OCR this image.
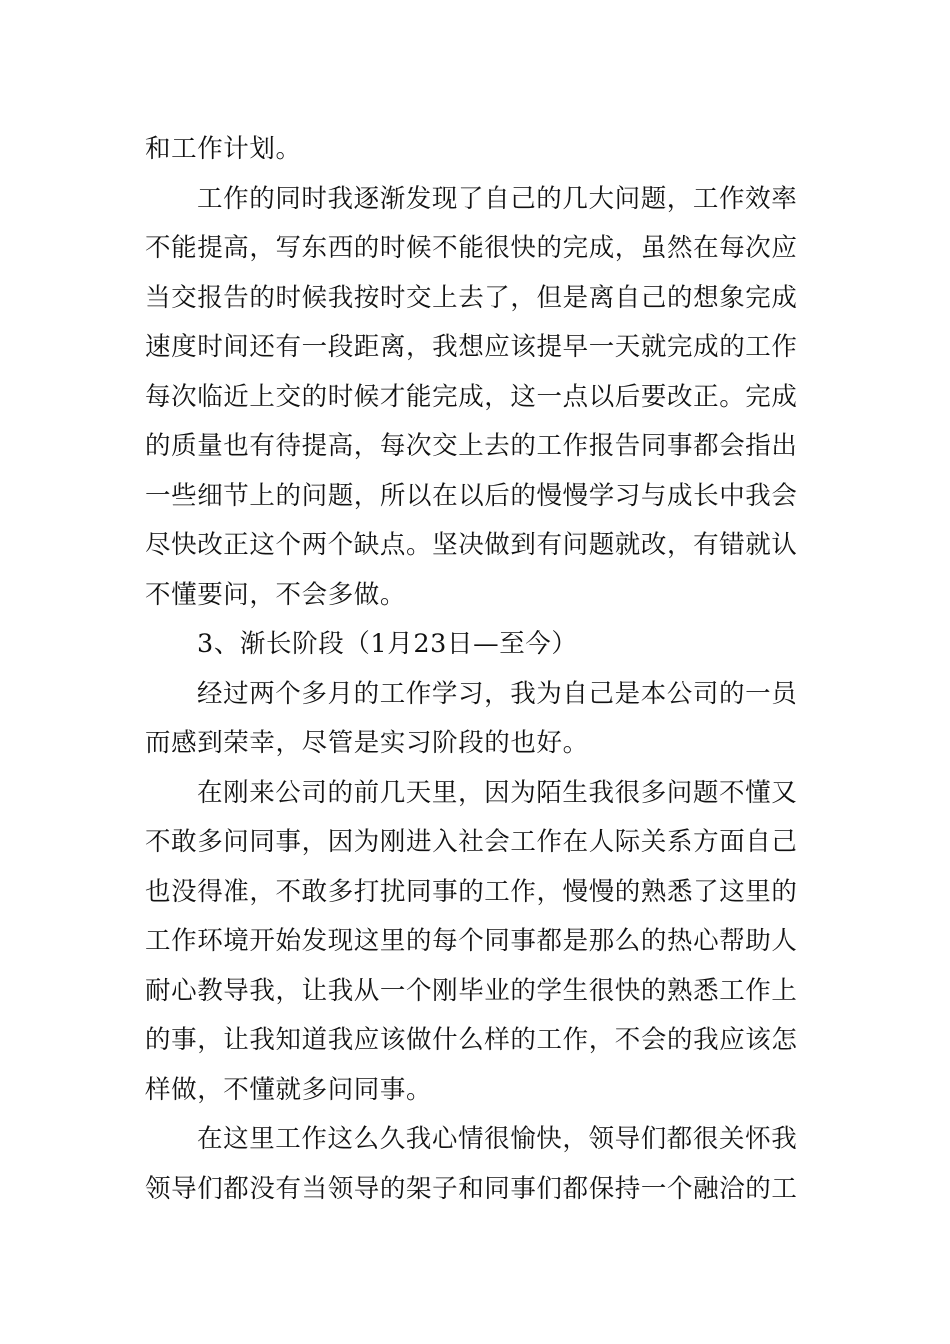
和工作计划。
工作的同时我逐渐发现了自己的几大问题，工作效率
不能提高，写东西的时候不能很快的完成，虽然在每次应
当交报告的时候我按时交上去了，但是离自己的想象完成
速度时间还有一段距离，我想应该提早一天就完成的工作
每次临近上交的时候才能完成，这一点以后要改正。完成
的质量也有待提高，每次交上去的工作报告同事都会指出
一些细节上的问题，所以在以后的慢慢学习与成长中我会
尽快改正这个两个缺点。坚决做到有问题就改，有错就认
不懂要问，不会多做。
3、渐长阶段（1月23日—至今）
经过两个多月的工作学习，我为自己是本公司的一员
而感到荣幸，尽管是实习阶段的也好。
在刚来公司的前几天里，因为陌生我很多问题不懂又
不敢多问同事，因为刚进入社会工作在人际关系方面自己
也没得准，不敢多打扰同事的工作，慢慢的熟悉了这里的
工作环境开始发现这里的每个同事都是那么的热心帮助人
耐心教导我，让我从一个刚毕业的学生很快的熟悉工作上
的事，让我知道我应该做什么样的工作，不会的我应该怎
样做，不懂就多问同事。
在这里工作这么久我心情很愉快，领导们都很关怀我
领导们都没有当领导的架子和同事们都保持一个融洽的工
